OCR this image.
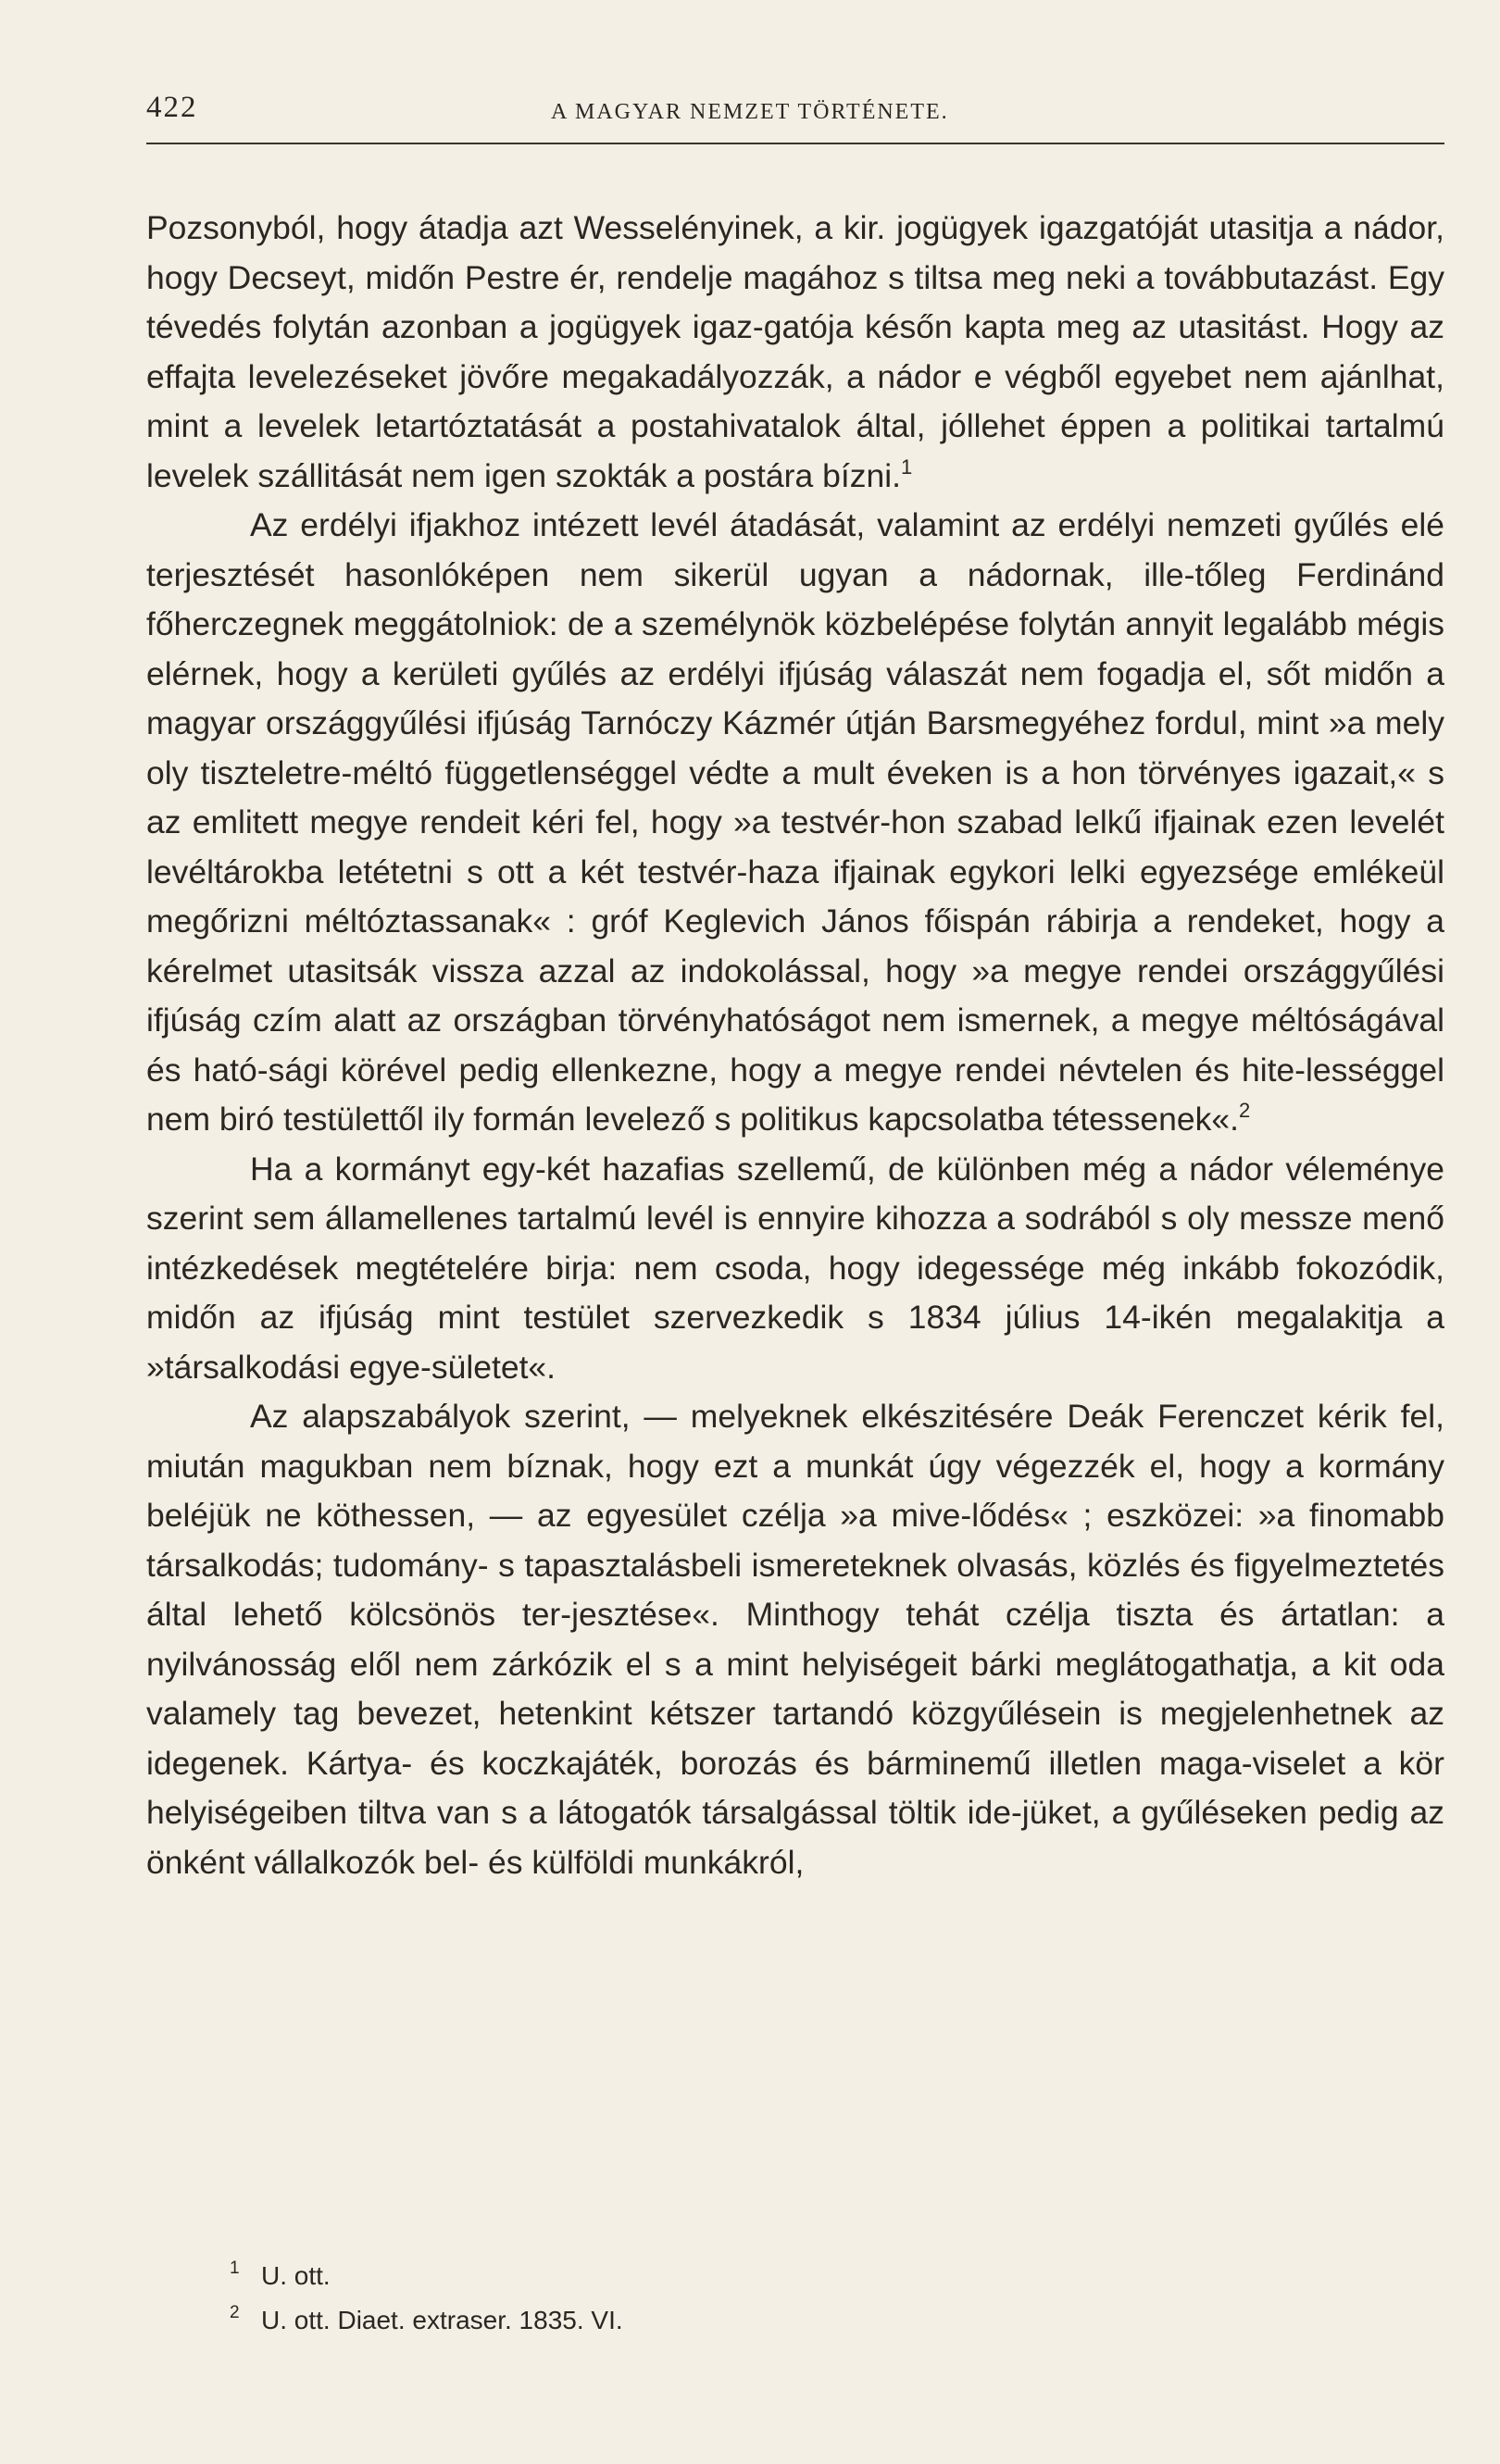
422	A MAGYAR NEMZET TÖRTÉNETE.

Pozsonyból, hogy átadja azt Wesselényinek, a kir. jogügyek igazgatóját utasitja a nádor, hogy Decseyt, midőn Pestre ér, rendelje magához s tiltsa meg neki a továbbutazást. Egy tévedés folytán azonban a jogügyek igaz-gatója későn kapta meg az utasitást. Hogy az effajta levelezéseket jövőre megakadályozzák, a nádor e végből egyebet nem ajánlhat, mint a levelek letartóztatását a postahivatalok által, jóllehet éppen a politikai tartalmú levelek szállitását nem igen szokták a postára bízni.$^1$

Az erdélyi ifjakhoz intézett levél átadását, valamint az erdélyi nemzeti gyűlés elé terjesztését hasonlóképen nem sikerül ugyan a nádornak, ille-tőleg Ferdinánd főherczegnek meggátolniok: de a személynök közbelépése folytán annyit legalább mégis elérnek, hogy a kerületi gyűlés az erdélyi ifjúság válaszát nem fogadja el, sőt midőn a magyar országgyűlési ifjúság Tarnóczy Kázmér útján Barsmegyéhez fordul, mint »a mely oly tiszteletre-méltó függetlenséggel védte a mult éveken is a hon törvényes igazait,« s az emlitett megye rendeit kéri fel, hogy »a testvér-hon szabad lelkű ifjainak ezen levelét levéltárokba letétetni s ott a két testvér-haza ifjainak egykori lelki egyezsége emlékeül megőrizni méltóztassanak« : gróf Keglevich János főispán rábirja a rendeket, hogy a kérelmet utasitsák vissza azzal az indokolással, hogy »a megye rendei országgyűlési ifjúság czím alatt az országban törvényhatóságot nem ismernek, a megye méltóságával és ható-sági körével pedig ellenkezne, hogy a megye rendei névtelen és hite-lességgel nem biró testülettől ily formán levelező s politikus kapcsolatba tétessenek«.$^2$

Ha a kormányt egy-két hazafias szellemű, de különben még a nádor véleménye szerint sem államellenes tartalmú levél is ennyire kihozza a sodrából s oly messze menő intézkedések megtételére birja: nem csoda, hogy idegessége még inkább fokozódik, midőn az ifjúság mint testület szervezkedik s 1834 július 14-ikén megalakitja a »társalkodási egye-sületet«.

Az alapszabályok szerint, — melyeknek elkészitésére Deák Ferenczet kérik fel, miután magukban nem bíznak, hogy ezt a munkát úgy végezzék el, hogy a kormány beléjük ne köthessen, — az egyesület czélja »a mive-lődés« ; eszközei: »a finomabb társalkodás; tudomány- s tapasztalásbeli ismereteknek olvasás, közlés és figyelmeztetés által lehető kölcsönös ter-jesztése«. Minthogy tehát czélja tiszta és ártatlan: a nyilvánosság elől nem zárkózik el s a mint helyiségeit bárki meglátogathatja, a kit oda valamely tag bevezet, hetenkint kétszer tartandó közgyűlésein is megjelenhetnek az idegenek. Kártya- és koczkajáték, borozás és bárminemű illetlen maga-viselet a kör helyiségeiben tiltva van s a látogatók társalgással töltik ide-jüket, a gyűléseken pedig az önként vállalkozók bel- és külföldi munkákról,

1 U. ott.
2 U. ott. Diaet. extraser. 1835. VI.
